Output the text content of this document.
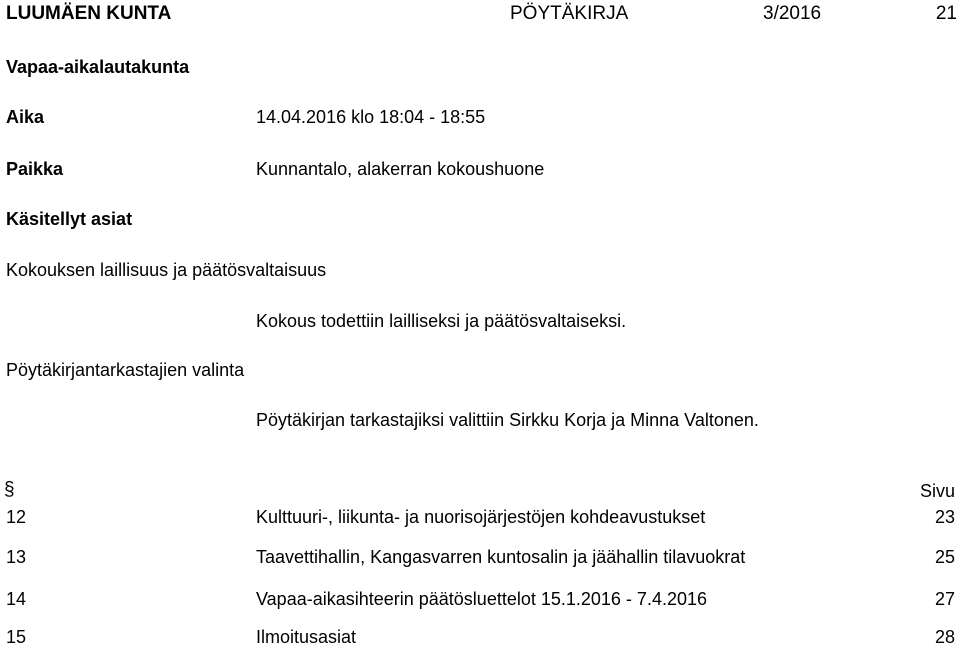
LUUMÄEN KUNTA	PÖYTÄKIRJA	3/2016	21
Vapaa-aikalautakunta
Aika	14.04.2016 klo 18:04 - 18:55
Paikka	Kunnantalo, alakerran kokoushuone
Käsitellyt asiat
Kokouksen laillisuus ja päätösvaltaisuus
Kokous todettiin lailliseksi ja päätösvaltaiseksi.
Pöytäkirjantarkastajien valinta
Pöytäkirjan tarkastajiksi valittiin Sirkku Korja ja Minna Valtonen.
§	Sivu
12	Kulttuuri-, liikunta- ja nuorisojärjestöjen kohdeavustukset	23
13	Taavettihallin, Kangasvarren kuntosalin ja jäähallin tilavuokrat	25
14	Vapaa-aikasihteerin päätösluettelot 15.1.2016 - 7.4.2016	27
15	Ilmoitusasiat	28
